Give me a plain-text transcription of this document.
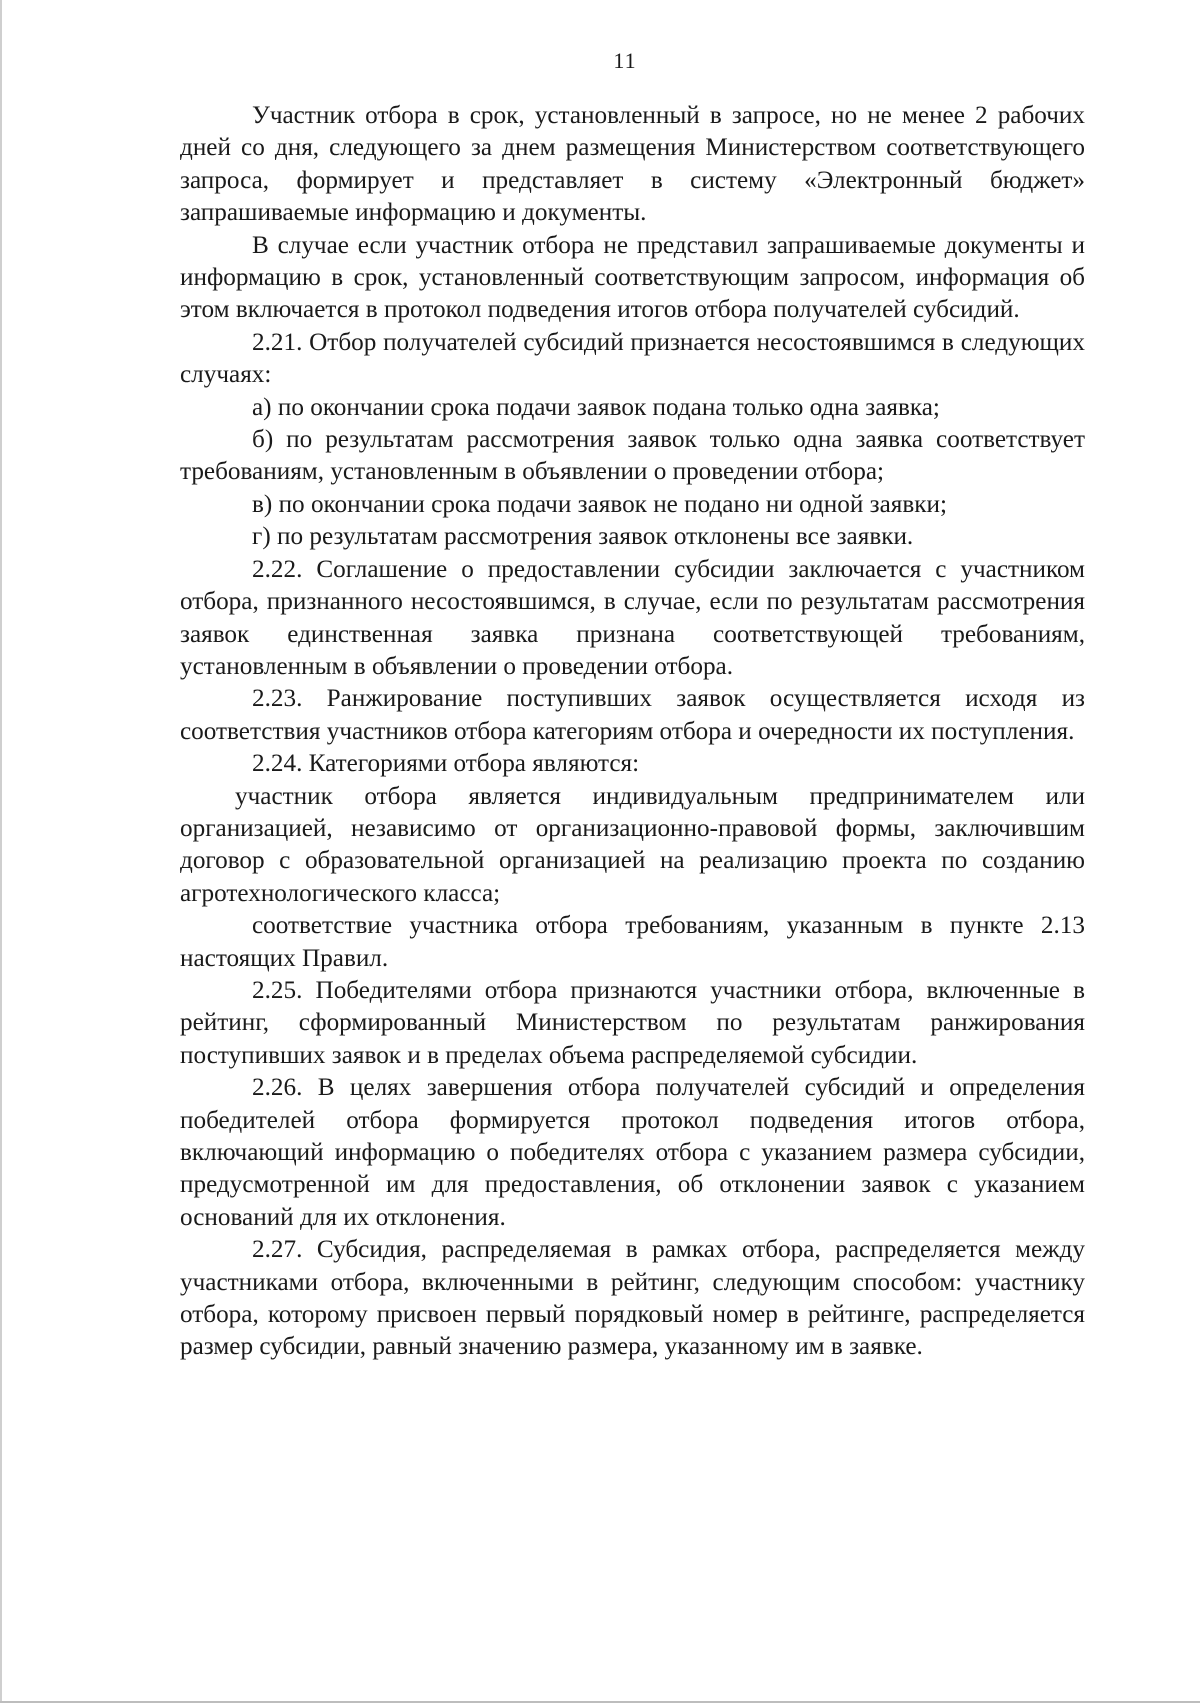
11

Участник отбора в срок, установленный в запросе, но не менее 2 рабочих дней со дня, следующего за днем размещения Министерством соответствующего запроса, формирует и представляет в систему «Электронный бюджет» запрашиваемые информацию и документы.

В случае если участник отбора не представил запрашиваемые документы и информацию в срок, установленный соответствующим запросом, информация об этом включается в протокол подведения итогов отбора получателей субсидий.

2.21. Отбор получателей субсидий признается несостоявшимся в следующих случаях:

а) по окончании срока подачи заявок подана только одна заявка;

б) по результатам рассмотрения заявок только одна заявка соответствует требованиям, установленным в объявлении о проведении отбора;

в) по окончании срока подачи заявок не подано ни одной заявки;

г) по результатам рассмотрения заявок отклонены все заявки.

2.22. Соглашение о предоставлении субсидии заключается с участником отбора, признанного несостоявшимся, в случае, если по результатам рассмотрения заявок единственная заявка признана соответствующей требованиям, установленным в объявлении о проведении отбора.

2.23. Ранжирование поступивших заявок осуществляется исходя из соответствия участников отбора категориям отбора и очередности их поступления.

2.24. Категориями отбора являются:

участник отбора является индивидуальным предпринимателем или организацией, независимо от организационно-правовой формы, заключившим договор с образовательной организацией на реализацию проекта по созданию агротехнологического класса;

соответствие участника отбора требованиям, указанным в пункте 2.13 настоящих Правил.

2.25. Победителями отбора признаются участники отбора, включенные в рейтинг, сформированный Министерством по результатам ранжирования поступивших заявок и в пределах объема распределяемой субсидии.

2.26. В целях завершения отбора получателей субсидий и определения победителей отбора формируется протокол подведения итогов отбора, включающий информацию о победителях отбора с указанием размера субсидии, предусмотренной им для предоставления, об отклонении заявок с указанием оснований для их отклонения.

2.27. Субсидия, распределяемая в рамках отбора, распределяется между участниками отбора, включенными в рейтинг, следующим способом: участнику отбора, которому присвоен первый порядковый номер в рейтинге, распределяется размер субсидии, равный значению размера, указанному им в заявке.
